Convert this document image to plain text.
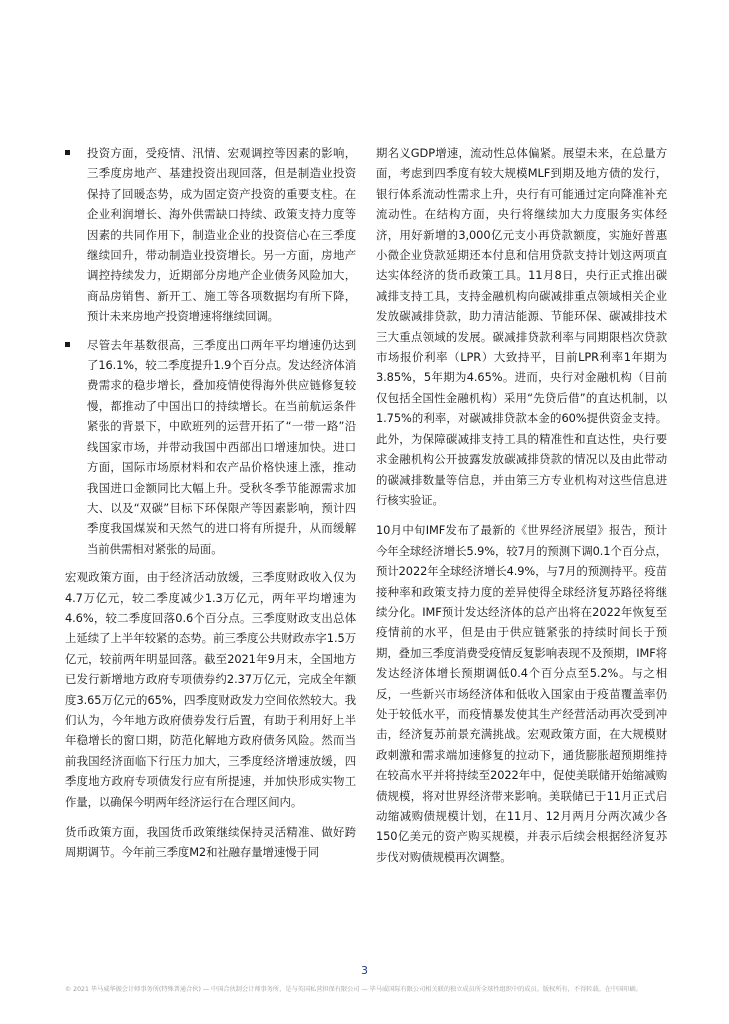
投资方面，受疫情、汛情、宏观调控等因素的影响，三季度房地产、基建投资出现回落，但是制造业投资保持了回暖态势，成为固定资产投资的重要支柱。在企业利润增长、海外供需缺口持续、政策支持力度等因素的共同作用下，制造业企业的投资信心在三季度继续回升，带动制造业投资增长。另一方面，房地产调控持续发力，近期部分房地产企业债务风险加大，商品房销售、新开工、施工等各项数据均有所下降，预计未来房地产投资增速将继续回调。
尽管去年基数很高，三季度出口两年平均增速仍达到了16.1%，较二季度提升1.9个百分点。发达经济体消费需求的稳步增长，叠加疫情使得海外供应链修复较慢，都推动了中国出口的持续增长。在当前航运条件紧张的背景下，中欧班列的运营开拓了“一带一路”沿线国家市场，并带动我国中西部出口增速加快。进口方面，国际市场原材料和农产品价格快速上涨，推动我国进口金额同比大幅上升。受秋冬季节能源需求加大、以及“双碳”目标下环保限产等因素影响，预计四季度我国煤炭和天然气的进口将有所提升，从而缓解当前供需相对紧张的局面。

宏观政策方面，由于经济活动放缓，三季度财政收入仅为4.7万亿元，较二季度减少1.3万亿元，两年平均增速为4.6%，较二季度回落0.6个百分点。三季度财政支出总体上延续了上半年较紧的态势。前三季度公共财政赤字1.5万亿元，较前两年明显回落。截至2021年9月末，全国地方已发行新增地方政府专项债券约2.37万亿元，完成全年额度3.65万亿元的65%，四季度财政发力空间依然较大。我们认为，今年地方政府债券发行后置，有助于利用好上半年稳增长的窗口期，防范化解地方政府债务风险。然而当前我国经济面临下行压力加大，三季度经济增速放缓，四季度地方政府专项债发行应有所提速，并加快形成实物工作量，以确保今明两年经济运行在合理区间内。

货币政策方面，我国货币政策继续保持灵活精准、做好跨周期调节。今年前三季度M2和社融存量增速慢于同

期名义GDP增速，流动性总体偏紧。展望未来，在总量方面，考虑到四季度有较大规模MLF到期及地方债的发行，银行体系流动性需求上升，央行有可能通过定向降准补充流动性。在结构方面，央行将继续加大力度服务实体经济，用好新增的3,000亿元支小再贷款额度，实施好普惠小微企业贷款延期还本付息和信用贷款支持计划这两项直达实体经济的货币政策工具。11月8日，央行正式推出碳减排支持工具，支持金融机构向碳减排重点领域相关企业发放碳减排贷款，助力清洁能源、节能环保、碳减排技术三大重点领域的发展。碳减排贷款利率与同期限档次贷款市场报价利率（LPR）大致持平，目前LPR利率1年期为3.85%，5年期为4.65%。进而，央行对金融机构（目前仅包括全国性金融机构）采用“先贷后借”的直达机制，以1.75%的利率，对碳减排贷款本金的60%提供资金支持。此外，为保障碳减排支持工具的精准性和直达性，央行要求金融机构公开披露发放碳减排贷款的情况以及由此带动的碳减排数量等信息，并由第三方专业机构对这些信息进行核实验证。

10月中旬IMF发布了最新的《世界经济展望》报告，预计今年全球经济增长5.9%，较7月的预测下调0.1个百分点，预计2022年全球经济增长4.9%，与7月的预测持平。疫苗接种率和政策支持力度的差异使得全球经济复苏路径将继续分化。IMF预计发达经济体的总产出将在2022年恢复至疫情前的水平，但是由于供应链紧张的持续时间长于预期，叠加三季度消费受疫情反复影响表现不及预期，IMF将发达经济体增长预期调低0.4个百分点至5.2%。与之相反，一些新兴市场经济体和低收入国家由于疫苗覆盖率仍处于较低水平，而疫情暴发使其生产经营活动再次受到冲击，经济复苏前景充满挑战。宏观政策方面，在大规模财政刺激和需求端加速修复的拉动下，通货膨胀超预期维持在较高水平并将持续至2022年中，促使美联储开始缩减购债规模，将对世界经济带来影响。美联储已于11月正式启动缩减购债规模计划，在11月、12月两月分两次减少各150亿美元的资产购买规模，并表示后续会根据经济复苏步伐对购债规模再次调整。

3
© 2021 毕马威华振会计师事务所(特殊普通合伙) — 中国合伙制会计师事务所，是与英国私营担保有限公司 — 毕马威国际有限公司相关联的独立成员所全球性组织中的成员。版权所有，不得转载。在中国印刷。
